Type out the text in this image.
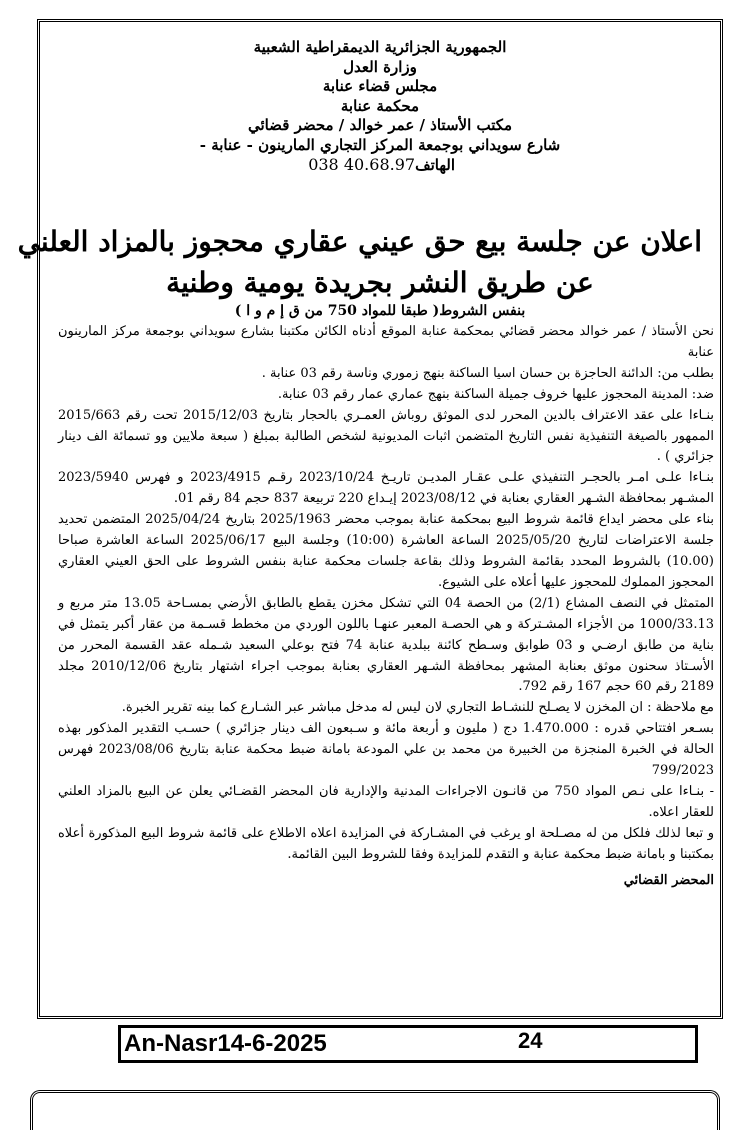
الجمهورية الجزائرية الديمقراطية الشعبية
وزارة العدل
مجلس قضاء عنابة
محكمة عنابة
مكتب الأستاذ / عمر خوالد / محضر قضائي
شارع سويداني بوجمعة المركز التجاري المارينون - عنابة -
الهاتف038 40.68.97
اعلان عن جلسة بيع حق عيني عقاري محجوز بالمزاد العلني
عن طريق النشر بجريدة يومية وطنية
بنفس الشروط( طبقا للمواد 750 من ق إ م و ا )

نحن الأستاذ / عمر خوالد محضر قضائي بمحكمة عنابة الموقع أدناه الكائن مكتبنا بشارع سويداني بوجمعة مركز المارينون عنابة

بطلب من: الدائنة الحاجزة بن حسان اسيا الساكنة بنهج زموري وناسة رقم 03 عنابة .

ضد: المدينة المحجوز عليها خروف جميلة الساكنة بنهج عماري عمار رقم 03 عنابة.

بنـاءا على عقد الاعتراف بالدين المحرر لدى الموثق روباش العمـري بالحجار بتاريخ 2015/12/03 تحت رقم 2015/663 الممهور بالصيغة التنفيذية نفس التاريخ المتضمن اثبات المديونية لشخص الطالبة بمبلغ ( سبعة ملايين وو تسمائة الف دينار جزائري ) .

بنـاءا علـى امـر بالحجـر التنفيذي علـى عقـار المديـن تاريـخ 2023/10/24 رقـم 2023/4915 و فهرس 2023/5940 المشـهر بمحافظة الشـهر العقاري بعنابة في 2023/08/12 إيـداع 220 تربيعة 837 حجم 84 رقم 01.

بناء على محضر ايداع قائمة شروط البيع بمحكمة عنابة بموجب محضر 2025/1963 بتاريخ 2025/04/24 المتضمن تحديد جلسة الاعتراضات لتاريخ 2025/05/20 الساعة العاشرة (10:00) وجلسة البيع 2025/06/17 الساعة العاشرة صباحا (10.00) بالشروط المحدد بقائمة الشروط وذلك بقاعة جلسات محكمة عنابة بنفس الشروط على الحق العيني العقاري المحجوز المملوك للمحجوز عليها أعلاه على الشيوع.

المتمثل في النصف المشاع (2/1) من الحصة 04 التي تشكل مخزن يقطع بالطابق الأرضي بمسـاحة 13.05 متر مربع و 1000/33.13 من الأجزاء المشـتركة و هي الحصـة المعبر عنهـا باللون الوردي من مخطط قسـمة من عقار أكبر يتمثل في بناية من طابق ارضـي و 03 طوابق وسـطح كائنة ببلدية عنابة 74 فتح بوعلي السعيد شـمله عقد القسمة المحرر من الأسـتاذ سحنون موثق بعنابة المشهر بمحافظة الشـهر العقاري بعنابة بموجب اجراء اشتهار بتاريخ 2010/12/06 مجلد 2189 رقم 60 حجم 167 رقم 792.

مع ملاحظة : ان المخزن لا يصـلح للنشـاط التجاري لان ليس له مدخل مباشر عبر الشـارع كما بينه تقرير الخبرة.

بسـعر افتتاحي قدره : 1.470.000 دج ( مليون و أربعة مائة و سـبعون الف دينار جزائري ) حسـب التقدير المذكور بهذه الحالة في الخبرة المنجزة من الخبيرة من محمد بن علي المودعة بامانة ضبط محكمة عنابة بتاريخ 2023/08/06 فهرس 799/2023

- بنـاءا على نـص المواد 750 من قانـون الاجراءات المدنية والإدارية فان المحضر القضـائي يعلن عن البيع بالمزاد العلني للعقار اعلاه.

و تبعا لذلك فلكل من له مصـلحة او يرغب في المشـاركة في المزايدة اعلاه الاطلاع على قائمة شروط البيع المذكورة أعلاه بمكتبنا و بامانة ضبط محكمة عنابة و التقدم للمزايدة وفقا للشروط البين القائمة.

المحضر القضائي
An-Nasr14-6-2025	24
